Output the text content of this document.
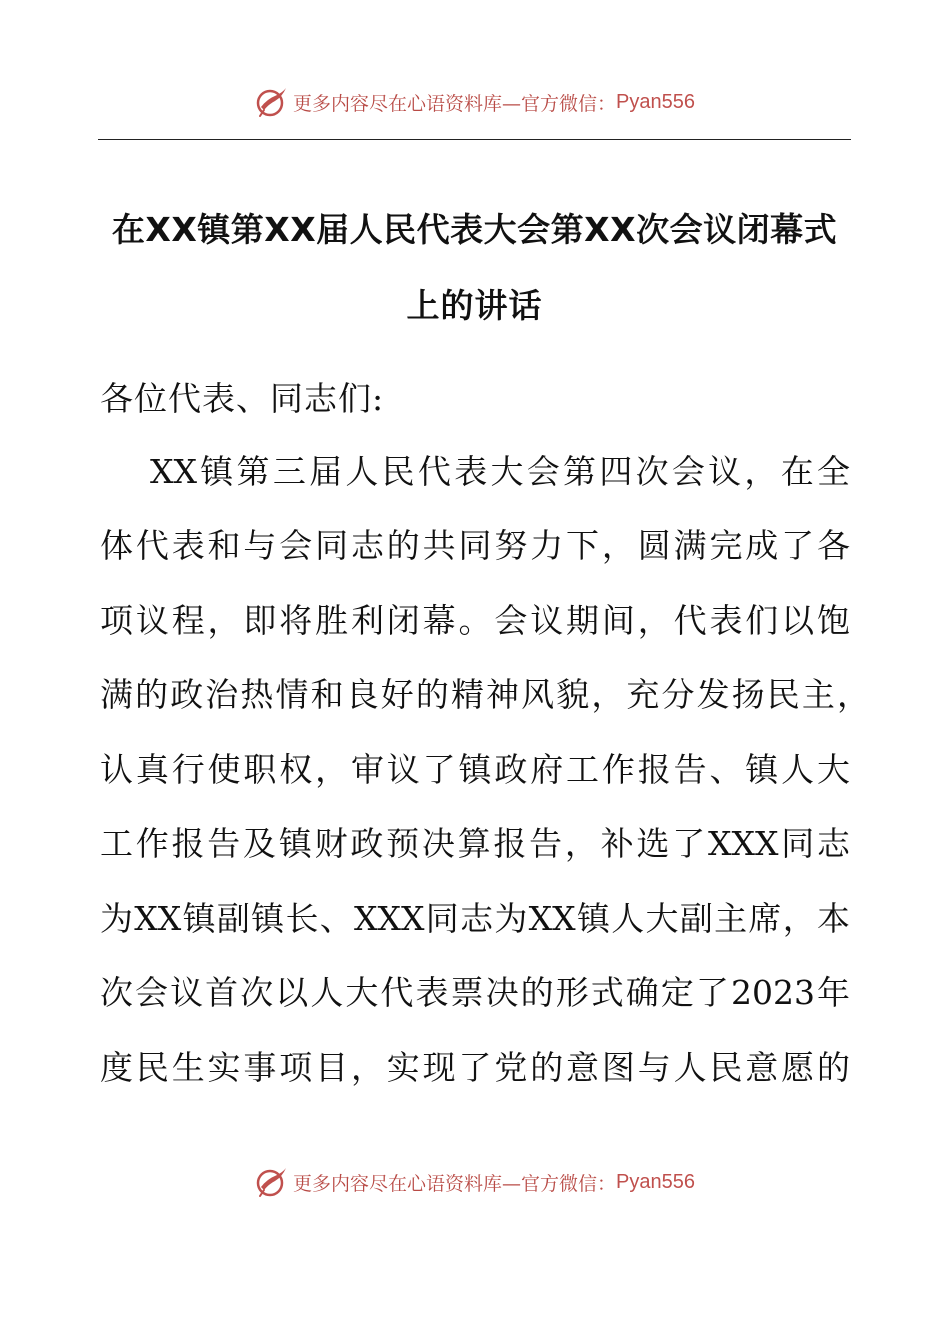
更多内容尽在心语资料库—官方微信： Pyan556
在XX镇第XX届人民代表大会第XX次会议闭幕式
上的讲话
各位代表、同志们:
XX镇第三届人民代表大会第四次会议，在全
体代表和与会同志的共同努力下，圆满完成了各
项议程，即将胜利闭幕。会议期间，代表们以饱
满的政治热情和良好的精神风貌，充分发扬民主，
认真行使职权，审议了镇政府工作报告、镇人大
工作报告及镇财政预决算报告，补选了XXX同志
为XX镇副镇长、XXX同志为XX镇人大副主席，本
次会议首次以人大代表票决的形式确定了2023年
度民生实事项目，实现了党的意图与人民意愿的
更多内容尽在心语资料库—官方微信： Pyan556
